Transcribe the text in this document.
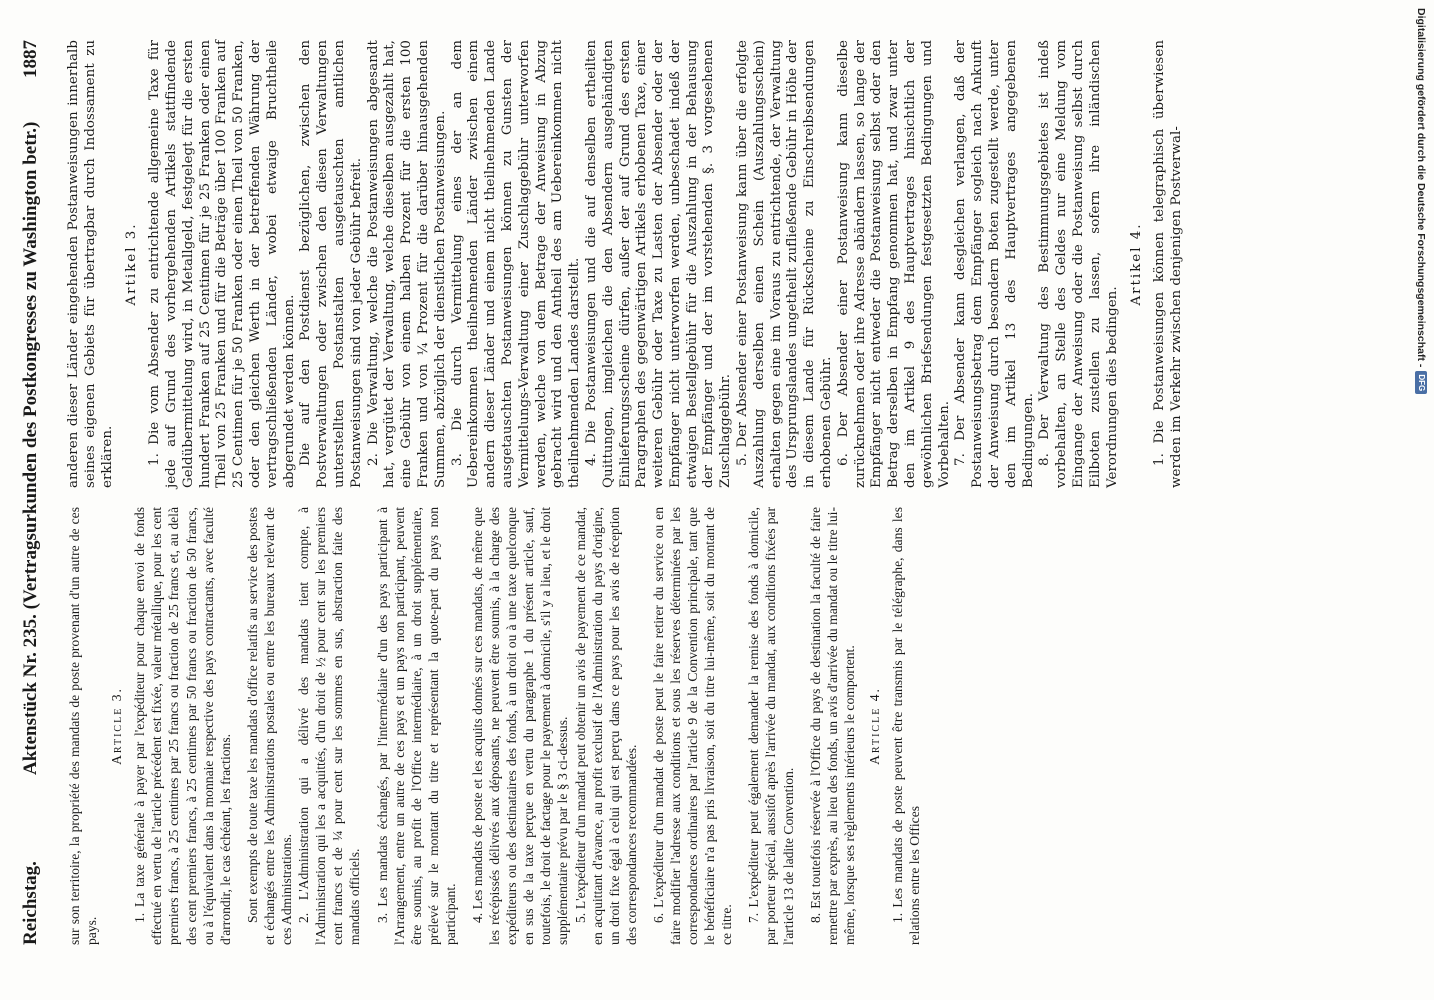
Reichstag.
Aktenstück Nr. 235. (Vertragsurkunden des Postkongresses zu Washington betr.)
1887

sur son territoire, la propriété des mandats de poste provenant d'un autre de ces pays.

Article 3. 1. La taxe générale à payer par l'expéditeur pour chaque envoi de fonds effectué en vertu de l'article précédent est fixée, valeur métallique, pour les cent premiers francs, à 25 centimes par 25 francs ou fraction de 25 francs et, au delà des cent premiers francs, à 25 centimes par 50 francs ou fraction de 50 francs, ou à l'équivalent dans la monnaie respective des pays contractants, avec faculté d'arrondir, le cas échéant, les fractions. Sont exempts de toute taxe les mandats d'office relatifs au service des postes et échangés entre les Administrations postales ou entre les bureaux relevant de ces Administrations. 2. L'Administration qui a délivré des mandats tient compte, à l'Administration qui les a acquittés, d'un droit de ½ pour cent sur les premiers cent francs et de ¼ pour cent sur les sommes en sus, abstraction faite des mandats officiels. 3. Les mandats échangés, par l'intermédiaire d'un des pays participant à l'Arrangement, entre un autre de ces pays et un pays non participant, peuvent être soumis, au profit de l'Office intermédiaire, à un droit supplémentaire, prélevé sur le montant du titre et représentant la quote-part du pays non participant. 4. Les mandats de poste et les acquits donnés sur ces mandats, de même que les récépissés délivrés aux déposants, ne peuvent être soumis, à la charge des expéditeurs ou des destinataires des fonds, à un droit ou à une taxe quelconque en sus de la taxe perçue en vertu du paragraphe 1 du présent article, sauf, toutefois, le droit de factage pour le payement à domicile, s'il y a lieu, et le droit supplémentaire prévu par le § 3 ci-dessus. 5. L'expéditeur d'un mandat peut obtenir un avis de payement de ce mandat, en acquittant d'avance, au profit exclusif de l'Administration du pays d'origine, un droit fixe égal à celui qui est perçu dans ce pays pour les avis de réception des correspondances recommandées. 6. L'expéditeur d'un mandat de poste peut le faire retirer du service ou en faire modifier l'adresse aux conditions et sous les réserves déterminées par les correspondances ordinaires par l'article 9 de la Convention principale, tant que le bénéficiaire n'a pas pris livraison, soit du titre lui-même, soit du montant de ce titre.

7. L'expéditeur peut également demander la remise des fonds à domicile, par porteur spécial, aussitôt après l'arrivée du mandat, aux conditions fixées par l'article 13 de ladite Convention. 8. Est toutefois réservée à l'Office du pays de destination la faculté de faire remettre par exprès, au lieu des fonds, un avis d'arrivée du mandat ou le titre lui-même, lorsque ses règlements intérieurs le comportent. Article 4. 1. Les mandats de poste peuvent être transmis par le télégraphe, dans les relations entre les Offices

anderen dieser Länder eingehenden Postanweisungen innerhalb seines eigenen Gebiets für übertragbar durch Indossament zu erklären.

Artikel 3. 1. Die vom Absender zu entrichtende allgemeine Taxe für jede auf Grund des vorhergehenden Artikels stattfindende Geldübermittelung wird, in Metallgeld, festgelegt für die ersten hundert Franken auf 25 Centimen für je 25 Franken oder einen Theil von 25 Franken und für die Beträge über 100 Franken auf 25 Centimen für je 50 Franken oder einen Theil von 50 Franken, oder den gleichen Werth in der betreffenden Währung der vertragschließenden Länder, wobei etwaige Bruchtheile abgerundet werden können. Die auf den Postdienst bezüglichen, zwischen den Postverwaltungen oder zwischen den diesen Verwaltungen unterstellten Postanstalten ausgetauschten amtlichen Postanweisungen sind von jeder Gebühr befreit. 2. Die Verwaltung, welche die Postanweisungen abgesandt hat, vergütet der Verwaltung, welche dieselben ausgezahlt hat, eine Gebühr von einem halben Prozent für die ersten 100 Franken und von ¼ Prozent für die darüber hinausgehenden Summen, abzüglich der dienstlichen Postanweisungen. 3. Die durch Vermittelung eines der an dem Uebereinkommen theilnehmenden Länder zwischen einem andern dieser Länder und einem nicht theilnehmenden Lande ausgetauschten Postanweisungen können zu Gunsten der Vermittelungs-Verwaltung einer Zuschlaggebühr unterworfen werden, welche von dem Betrage der Anweisung in Abzug gebracht wird und den Antheil des am Uebereinkommen nicht theilnehmenden Landes darstellt. 4. Die Postanweisungen und die auf denselben ertheilten Quittungen, imgleichen die den Absendern ausgehändigten Einlieferungsscheine dürfen, außer der auf Grund des ersten Paragraphen des gegenwärtigen Artikels erhobenen Taxe, einer weiteren Gebühr oder Taxe zu Lasten der Absender oder der Empfänger nicht unterworfen werden, unbeschadet indeß der etwaigen Bestellgebühr für die Auszahlung in der Behausung der Empfänger und der im vorstehenden §. 3 vorgesehenen Zuschlaggebühr. 5. Der Absender einer Postanweisung kann über die erfolgte Auszahlung derselben einen Schein (Auszahlungsschein) erhalten gegen eine im Voraus zu entrichtende, der Verwaltung des Ursprungslandes ungetheilt zufließende Gebühr in Höhe der in diesem Lande für Rückscheine zu Einschreibsendungen erhobenen Gebühr. 6. Der Absender einer Postanweisung kann dieselbe zurücknehmen oder ihre Adresse abändern lassen, so lange der Empfänger nicht entweder die Postanweisung selbst oder den Betrag derselben in Empfang genommen hat, und zwar unter den im Artikel 9 des Hauptvertrages hinsichtlich der gewöhnlichen Briefsendungen festgesetzten Bedingungen und Vorbehalten. 7. Der Absender kann desgleichen verlangen, daß der Postanweisungsbetrag dem Empfänger sogleich nach Ankunft der Anweisung durch besondern Boten zugestellt werde, unter den im Artikel 13 des Hauptvertrages angegebenen Bedingungen. 8. Der Verwaltung des Bestimmungsgebietes ist indeß vorbehalten, an Stelle des Geldes nur eine Meldung vom Eingange der Anweisung oder die Postanweisung selbst durch Eilboten zustellen zu lassen, sofern ihre inländischen Verordnungen dies bedingen.

Artikel 4. 1. Die Postanweisungen können telegraphisch überwiesen werden im Verkehr zwischen denjenigen Postverwal-	Digitalisierung gefördert durch die Deutsche Forschungsgemeinschaft -DFG
